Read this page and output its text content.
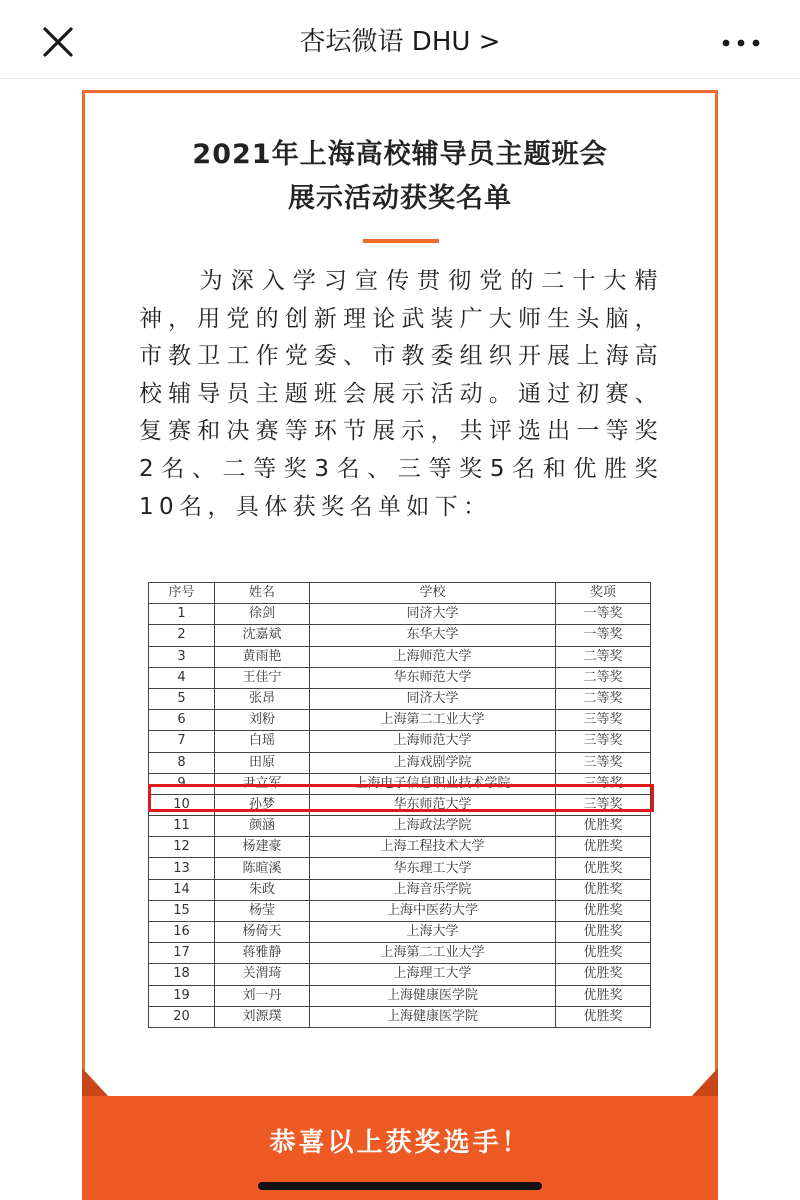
杏坛微语 DHU >
2021年上海高校辅导员主题班会
展示活动获奖名单
为深入学习宣传贯彻党的二十大精神，用党的创新理论武装广大师生头脑，市教卫工作党委、市教委组织开展上海高校辅导员主题班会展示活动。通过初赛、复赛和决赛等环节展示，共评选出一等奖2名、二等奖3名、三等奖5名和优胜奖10名，具体获奖名单如下：
序号	姓名	学校	奖项
1	徐剑	同济大学	一等奖
2	沈嘉斌	东华大学	一等奖
3	黄雨艳	上海师范大学	二等奖
4	王佳宁	华东师范大学	二等奖
5	张昂	同济大学	二等奖
6	刘粉	上海第二工业大学	三等奖
7	白瑶	上海师范大学	三等奖
8	田原	上海戏剧学院	三等奖
9	尹立军	上海电子信息职业技术学院	三等奖
10	孙梦	华东师范大学	三等奖
11	颜涵	上海政法学院	优胜奖
12	杨建豪	上海工程技术大学	优胜奖
13	陈暄溪	华东理工大学	优胜奖
14	朱政	上海音乐学院	优胜奖
15	杨莹	上海中医药大学	优胜奖
16	杨倚天	上海大学	优胜奖
17	蒋雅静	上海第二工业大学	优胜奖
18	关渭琦	上海理工大学	优胜奖
19	刘一丹	上海健康医学院	优胜奖
20	刘源璞	上海健康医学院	优胜奖
恭喜以上获奖选手！
